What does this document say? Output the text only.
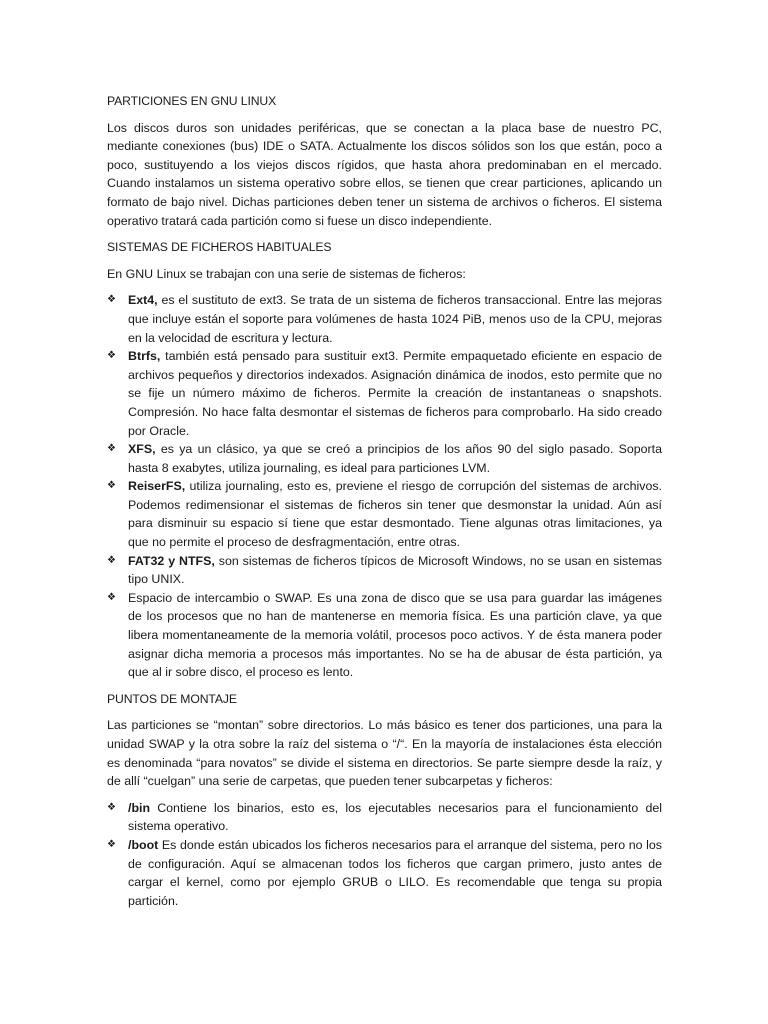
PARTICIONES EN GNU LINUX

Los discos duros son unidades periféricas, que se conectan a la placa base de nuestro PC, mediante conexiones (bus) IDE o SATA. Actualmente los discos sólidos son los que están, poco a poco, sustituyendo a los viejos discos rígidos, que hasta ahora predominaban en el mercado. Cuando instalamos un sistema operativo sobre ellos, se tienen que crear particiones, aplicando un formato de bajo nivel. Dichas particiones deben tener un sistema de archivos o ficheros. El sistema operativo tratará cada partición como si fuese un disco independiente.

SISTEMAS DE FICHEROS HABITUALES

En GNU Linux se trabajan con una serie de sistemas de ficheros:

❖ Ext4, es el sustituto de ext3. Se trata de un sistema de ficheros transaccional. Entre las mejoras que incluye están el soporte para volúmenes de hasta 1024 PiB, menos uso de la CPU, mejoras en la velocidad de escritura y lectura.
❖ Btrfs, también está pensado para sustituir ext3. Permite empaquetado eficiente en espacio de archivos pequeños y directorios indexados. Asignación dinámica de inodos, esto permite que no se fije un número máximo de ficheros. Permite la creación de instantaneas o snapshots. Compresión. No hace falta desmontar el sistemas de ficheros para comprobarlo. Ha sido creado por Oracle.
❖ XFS, es ya un clásico, ya que se creó a principios de los años 90 del siglo pasado. Soporta hasta 8 exabytes, utiliza journaling, es ideal para particiones LVM.
❖ ReiserFS, utiliza journaling, esto es, previene el riesgo de corrupción del sistemas de archivos. Podemos redimensionar el sistemas de ficheros sin tener que desmonstar la unidad. Aún así para disminuir su espacio sí tiene que estar desmontado. Tiene algunas otras limitaciones, ya que no permite el proceso de desfragmentación, entre otras.
❖ FAT32 y NTFS, son sistemas de ficheros típicos de Microsoft Windows, no se usan en sistemas tipo UNIX.
❖ Espacio de intercambio o SWAP. Es una zona de disco que se usa para guardar las imágenes de los procesos que no han de mantenerse en memoria física. Es una partición clave, ya que libera momentaneamente de la memoria volátil, procesos poco activos. Y de ésta manera poder asignar dicha memoria a procesos más importantes. No se ha de abusar de ésta partición, ya que al ir sobre disco, el proceso es lento.
PUNTOS DE MONTAJE

Las particiones se “montan” sobre directorios. Lo más básico es tener dos particiones, una para la unidad SWAP y la otra sobre la raíz del sistema o “/“. En la mayoría de instalaciones ésta elección es denominada “para novatos” se divide el sistema en directorios. Se parte siempre desde la raíz, y de allí “cuelgan” una serie de carpetas, que pueden tener subcarpetas y ficheros:

❖ /bin Contiene los binarios, esto es, los ejecutables necesarios para el funcionamiento del sistema operativo.
❖ /boot Es donde están ubicados los ficheros necesarios para el arranque del sistema, pero no los de configuración. Aquí se almacenan todos los ficheros que cargan primero, justo antes de cargar el kernel, como por ejemplo GRUB o LILO. Es recomendable que tenga su propia partición.
